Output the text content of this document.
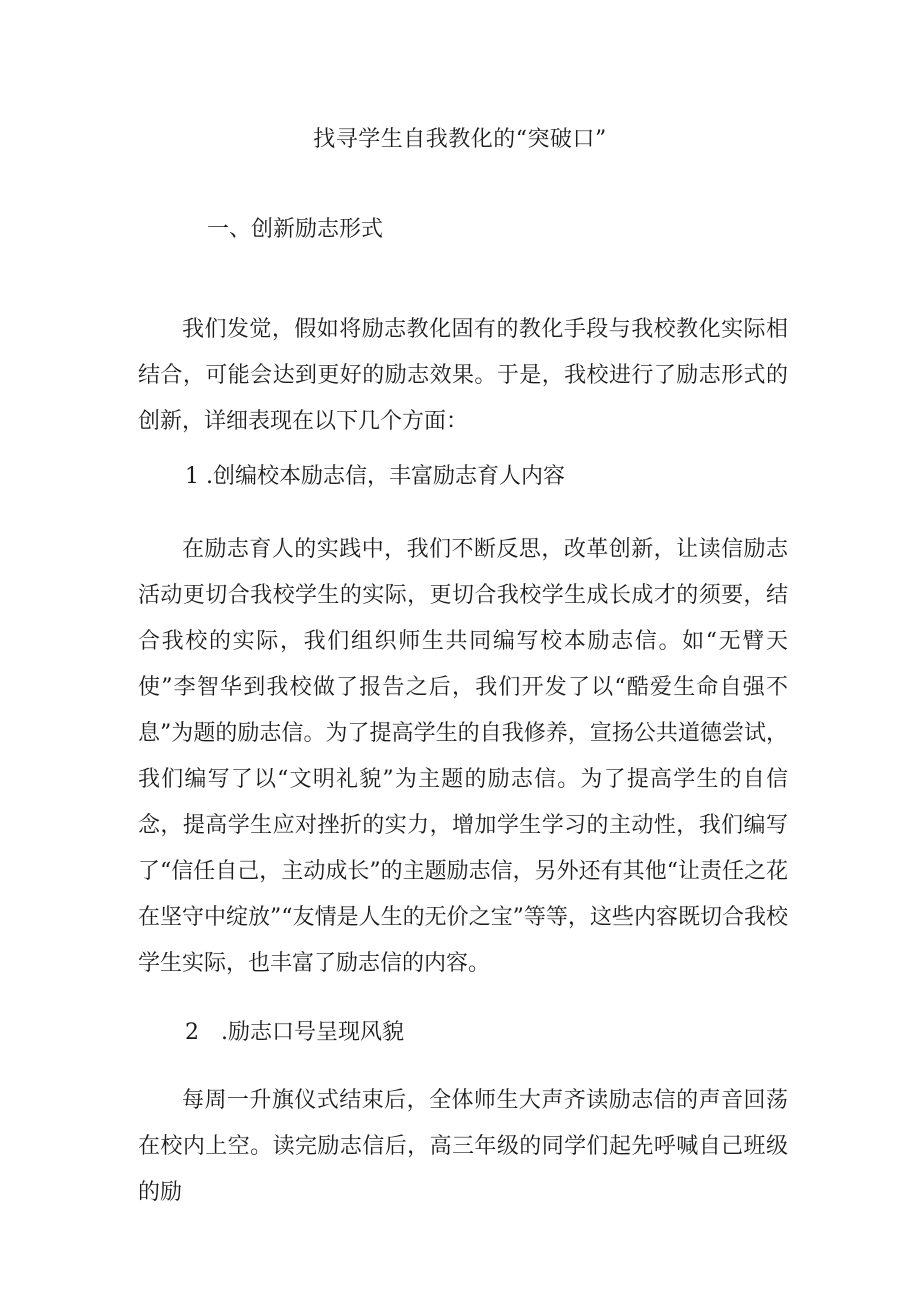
找寻学生自我教化的“突破口”
一、创新励志形式

我们发觉，假如将励志教化固有的教化手段与我校教化实际相结合，可能会达到更好的励志效果。于是，我校进行了励志形式的创新，详细表现在以下几个方面：

1 .创编校本励志信，丰富励志育人内容

在励志育人的实践中，我们不断反思，改革创新，让读信励志活动更切合我校学生的实际，更切合我校学生成长成才的须要，结合我校的实际，我们组织师生共同编写校本励志信。如“无臂天使”李智华到我校做了报告之后，我们开发了以“酷爱生命自强不息”为题的励志信。为了提高学生的自我修养，宣扬公共道德尝试，我们编写了以“文明礼貌”为主题的励志信。为了提高学生的自信念，提高学生应对挫折的实力，增加学生学习的主动性，我们编写了“信任自己，主动成长”的主题励志信，另外还有其他“让责任之花在坚守中绽放”“友情是人生的无价之宝”等等，这些内容既切合我校学生实际，也丰富了励志信的内容。

2　.励志口号呈现风貌

每周一升旗仪式结束后，全体师生大声齐读励志信的声音回荡在校内上空。读完励志信后，高三年级的同学们起先呼喊自己班级的励
